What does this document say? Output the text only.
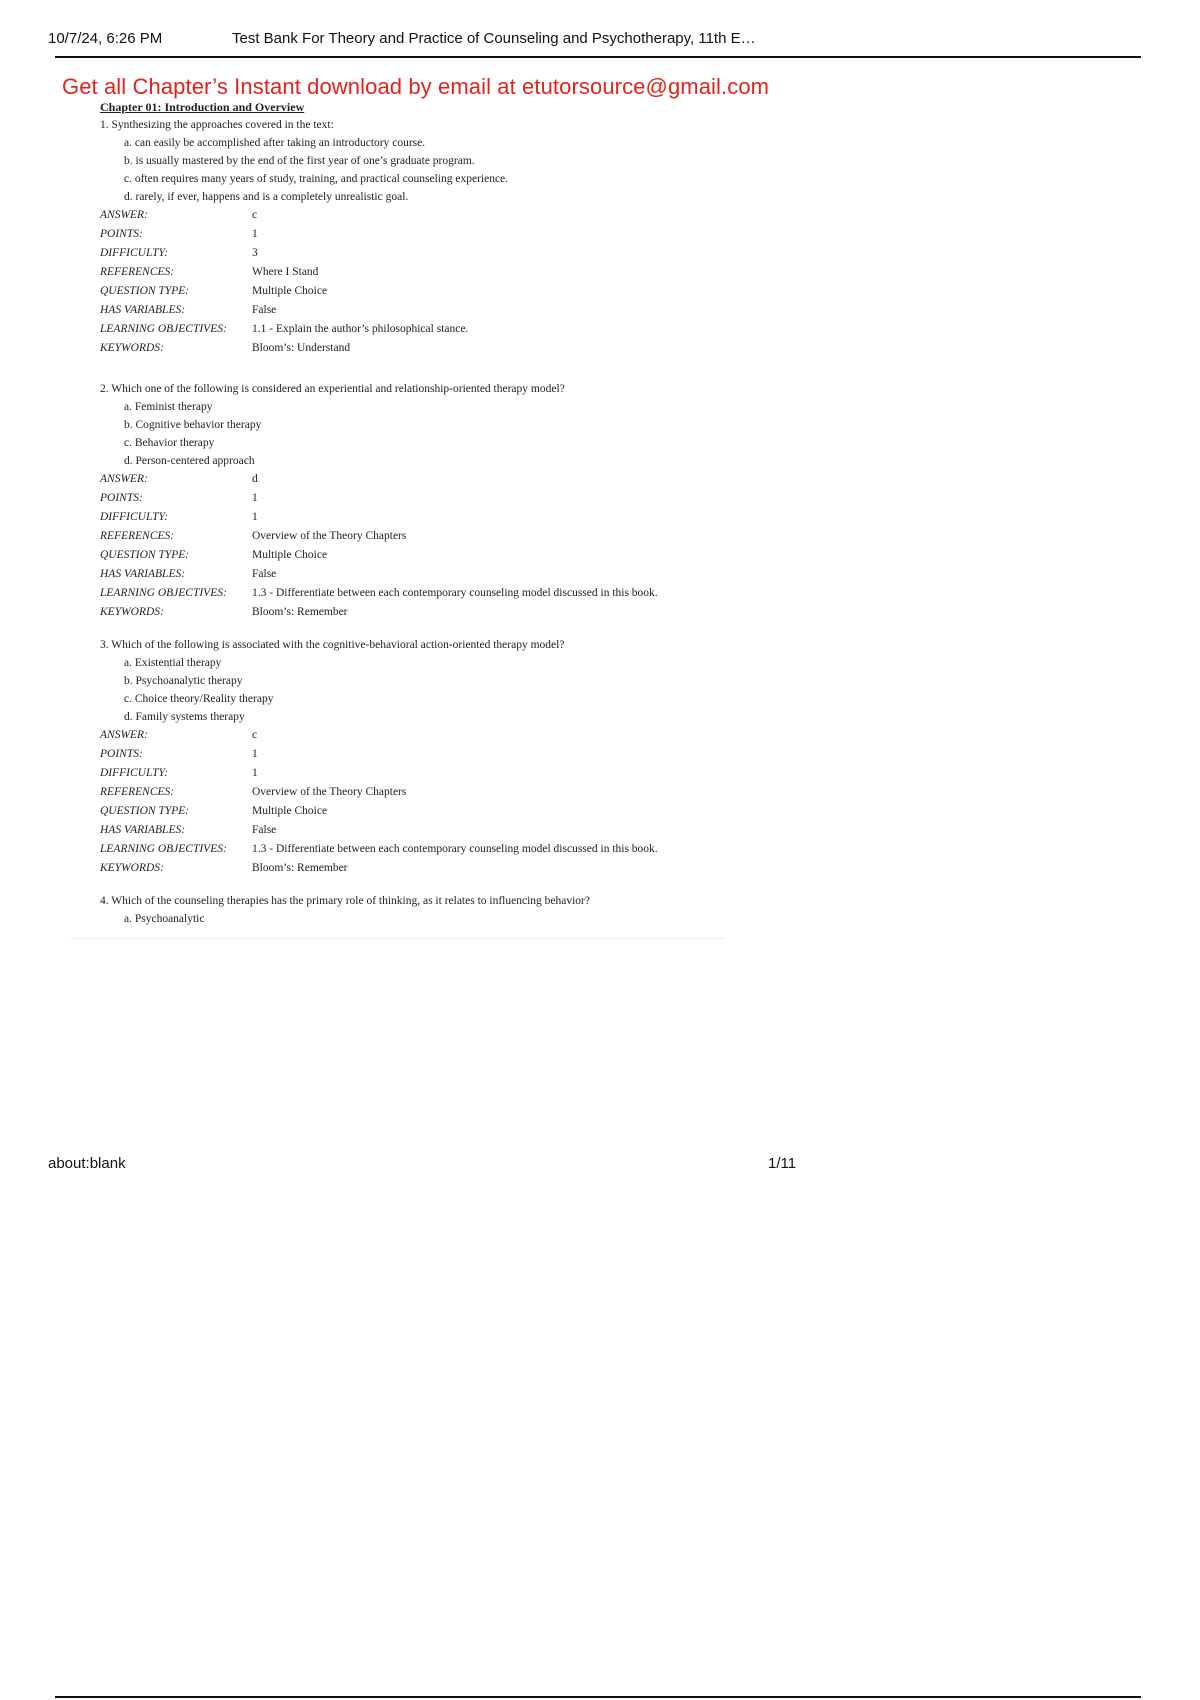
10/7/24, 6:26 PM	Test Bank For Theory and Practice of Counseling and Psychotherapy, 11th E…
Get all Chapter’s Instant download by email at etutorsource@gmail.com
Chapter 01: Introduction and Overview
1. Synthesizing the approaches covered in the text:
a. can easily be accomplished after taking an introductory course.
b. is usually mastered by the end of the first year of one’s graduate program.
c. often requires many years of study, training, and practical counseling experience.
d. rarely, if ever, happens and is a completely unrealistic goal.
ANSWER:	c
POINTS:	1
DIFFICULTY:	3
REFERENCES:	Where I Stand
QUESTION TYPE:	Multiple Choice
HAS VARIABLES:	False
LEARNING OBJECTIVES:	1.1 - Explain the author’s philosophical stance.
KEYWORDS:	Bloom’s: Understand
2. Which one of the following is considered an experiential and relationship-oriented therapy model?
a. Feminist therapy
b. Cognitive behavior therapy
c. Behavior therapy
d. Person-centered approach
ANSWER:	d
POINTS:	1
DIFFICULTY:	1
REFERENCES:	Overview of the Theory Chapters
QUESTION TYPE:	Multiple Choice
HAS VARIABLES:	False
LEARNING OBJECTIVES:	1.3 - Differentiate between each contemporary counseling model discussed in this book.
KEYWORDS:	Bloom’s: Remember
3. Which of the following is associated with the cognitive-behavioral action-oriented therapy model?
a. Existential therapy
b. Psychoanalytic therapy
c. Choice theory/Reality therapy
d. Family systems therapy
ANSWER:	c
POINTS:	1
DIFFICULTY:	1
REFERENCES:	Overview of the Theory Chapters
QUESTION TYPE:	Multiple Choice
HAS VARIABLES:	False
LEARNING OBJECTIVES:	1.3 - Differentiate between each contemporary counseling model discussed in this book.
KEYWORDS:	Bloom’s: Remember
4. Which of the counseling therapies has the primary role of thinking, as it relates to influencing behavior?
a. Psychoanalytic
about:blank	1/11
